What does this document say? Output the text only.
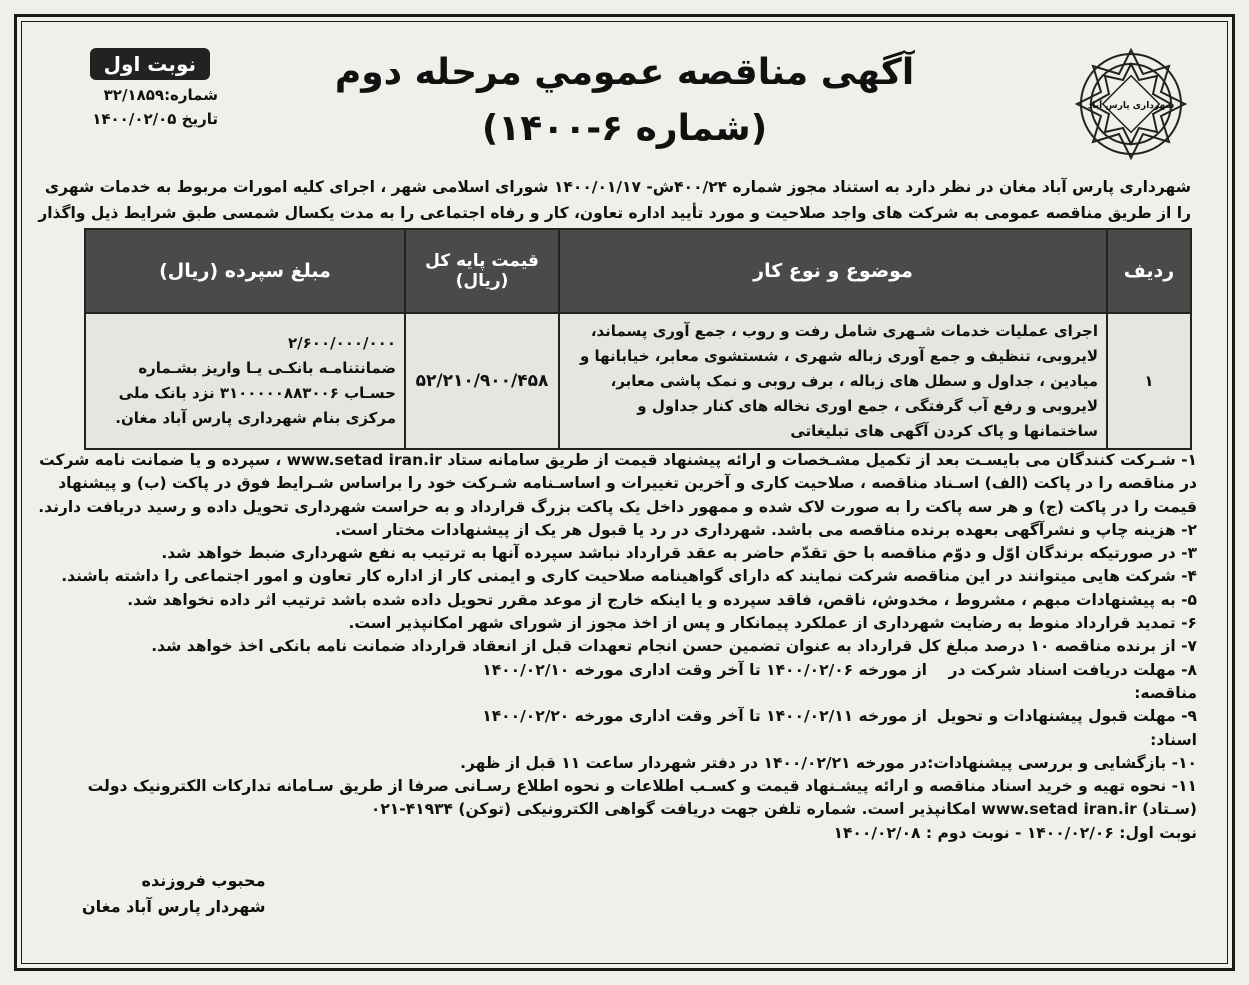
شهرداری پارس آباد
نوبت اول
شماره:۳۲/۱۸۵۹
تاریخ ۱۴۰۰/۰۲/۰۵
آگهی مناقصه عمومي مرحله دوم
(شماره ۶-۱۴۰۰)
شهرداری پارس آباد مغان در نظر دارد به استناد مجوز شماره ۴۰۰/۲۴ش- ۱۴۰۰/۰۱/۱۷ شورای اسلامی شهر ، اجرای کلیه امورات مربوط به خدمات شهری را از طریق مناقصه عمومی به شرکت های واجد صلاحیت و مورد تأیید اداره تعاون، کار و رفاه اجتماعی را به مدت یکسال شمسی طبق شرایط ذیل واگذار
ردیف	موضوع و نوع کار	قیمت پایه کل (ریال)	مبلغ سپرده (ریال)
۱	اجرای عملیات خدمات شـهری شامل رفت و روب ، جمع آوری پسماند، لایروبی، تنظیف و جمع آوری زباله شهری ، شستشوی معابر، خیابانها و میادین ، جداول و سطل های زباله ، برف روبی و نمک پاشی معابر، لایروبی و رفع آب گرفتگی ، جمع اوری نخاله های کنار جداول و ساختمانها و پاک کردن آگهی های تبلیغاتی	۵۲/۲۱۰/۹۰۰/۴۵۸	۲/۶۰۰/۰۰۰/۰۰۰
ضمانتنامـه بانکـی یـا واریز بشـماره حسـاب ۳۱۰۰۰۰۰۸۸۳۰۰۶ نزد بانک ملی مرکزی بنام شهرداری پارس آباد مغان.

۱- شـرکت کنندگان می بایسـت بعد از تکمیل مشـخصات و ارائه پیشنهاد قیمت از طریق سامانه ستاد www.setad iran.ir ، سپرده و یا ضمانت نامه شرکت در مناقصه را در پاکت (الف) اسـناد مناقصه ، صلاحیت کاری و آخرین تغییرات و اساسـنامه شـرکت خود را براساس شـرایط فوق در پاکت (ب) و پیشنهاد قیمت را در پاکت (ج) و هر سه پاکت را به صورت لاک شده و ممهور داخل یک پاکت بزرگ قرارداد و به حراست شهرداری تحویل داده و رسید دریافت دارند.

۲- هزینه چاپ و نشرآگهی بعهده برنده مناقصه می باشد. شهرداری در رد یا قبول هر یک از پیشنهادات مختار است.

۳- در صورتیکه برندگان اوّل و دوّم مناقصه با حق تقدّم حاضر به عقد قرارداد نباشد سپرده آنها به ترتیب به نفع شهرداری ضبط خواهد شد.

۴- شرکت هایی میتوانند در این مناقصه شرکت نمایند که دارای گواهینامه صلاحیت کاری و ایمنی کار از اداره کار تعاون و امور اجتماعی را داشته باشند.

۵- به پیشنهادات مبهم ، مشروط ، مخدوش، ناقص، فاقد سپرده و یا اینکه خارج از موعد مقرر تحویل داده شده باشد ترتیب اثر داده نخواهد شد.

۶- تمدید قرارداد منوط به رضایت شهرداری از عملکرد پیمانکار و پس از اخذ مجوز از شورای شهر امکانپذیر است.

۷- از برنده مناقصه ۱۰ درصد مبلغ کل قرارداد به عنوان تضمین حسن انجام تعهدات قبل از انعقاد قرارداد ضمانت نامه بانکی اخذ خواهد شد.

۸- مهلت دریافت اسناد شرکت در مناقصه:
از مورخه ۱۴۰۰/۰۲/۰۶ تا آخر وقت اداری مورخه ۱۴۰۰/۰۲/۱۰
۹- مهلت قبول پیشنهادات و تحویل اسناد:
از مورخه ۱۴۰۰/۰۲/۱۱ تا آخر وقت اداری مورخه ۱۴۰۰/۰۲/۲۰
۱۰- بازگشایی و بررسی پیشنهادات:
در مورخه ۱۴۰۰/۰۲/۲۱ در دفتر شهردار ساعت ۱۱ قبل از ظهر.

۱۱- نحوه تهیه و خرید اسناد مناقصه و ارائه پیشـنهاد قیمت و کسـب اطلاعات و نحوه اطلاع رسـانی صرفا از طریق سـامانه تدارکات الکترونیک دولت (سـتاد) www.setad iran.ir امکانپذیر است. شماره تلفن جهت دریافت گواهی الکترونیکی (توکن) ۴۱۹۳۴-۰۲۱

نوبت اول: ۱۴۰۰/۰۲/۰۶ - نوبت دوم : ۱۴۰۰/۰۲/۰۸

محبوب فروزنده
شهردار پارس آباد مغان
